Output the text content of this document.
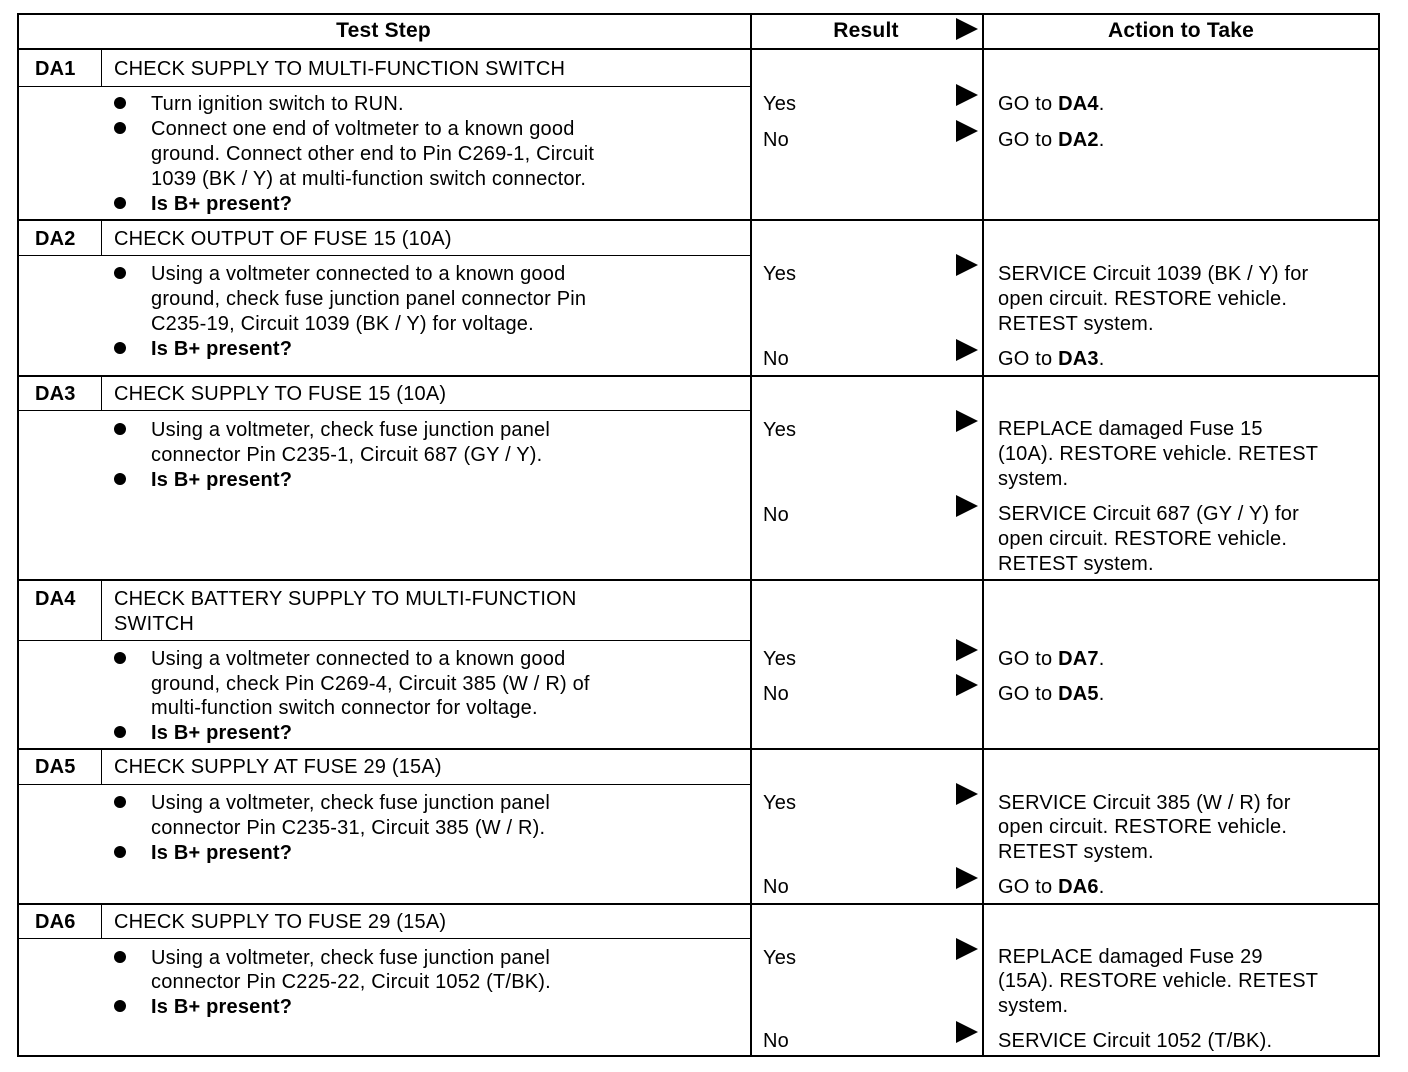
Test Step	Result	Action to Take
DA1 CHECK SUPPLY TO MULTI-FUNCTION SWITCH
Turn ignition switch to RUN.
Connect one end of voltmeter to a known good
ground. Connect other end to Pin C269-1, Circuit
1039 (BK / Y) at multi-function switch connector.
Is B+ present?
Yes	GO to DA4.
No	GO to DA2.
DA2 CHECK OUTPUT OF FUSE 15 (10A)
Using a voltmeter connected to a known good
ground, check fuse junction panel connector Pin
C235-19, Circuit 1039 (BK / Y) for voltage.
Is B+ present?
Yes	SERVICE Circuit 1039 (BK / Y) for
open circuit. RESTORE vehicle.
RETEST system.
No	GO to DA3.
DA3 CHECK SUPPLY TO FUSE 15 (10A)
Using a voltmeter, check fuse junction panel
connector Pin C235-1, Circuit 687 (GY / Y).
Is B+ present?
Yes	REPLACE damaged Fuse 15
(10A). RESTORE vehicle. RETEST
system.
No	SERVICE Circuit 687 (GY / Y) for
open circuit. RESTORE vehicle.
RETEST system.
DA4 CHECK BATTERY SUPPLY TO MULTI-FUNCTION
SWITCH
Using a voltmeter connected to a known good
ground, check Pin C269-4, Circuit 385 (W / R) of
multi-function switch connector for voltage.
Is B+ present?
Yes	GO to DA7.
No	GO to DA5.
DA5 CHECK SUPPLY AT FUSE 29 (15A)
Using a voltmeter, check fuse junction panel
connector Pin C235-31, Circuit 385 (W / R).
Is B+ present?
Yes	SERVICE Circuit 385 (W / R) for
open circuit. RESTORE vehicle.
RETEST system.
No	GO to DA6.
DA6 CHECK SUPPLY TO FUSE 29 (15A)
Using a voltmeter, check fuse junction panel
connector Pin C225-22, Circuit 1052 (T/BK).
Is B+ present?
Yes	REPLACE damaged Fuse 29
(15A). RESTORE vehicle. RETEST
system.
No	SERVICE Circuit 1052 (T/BK).
